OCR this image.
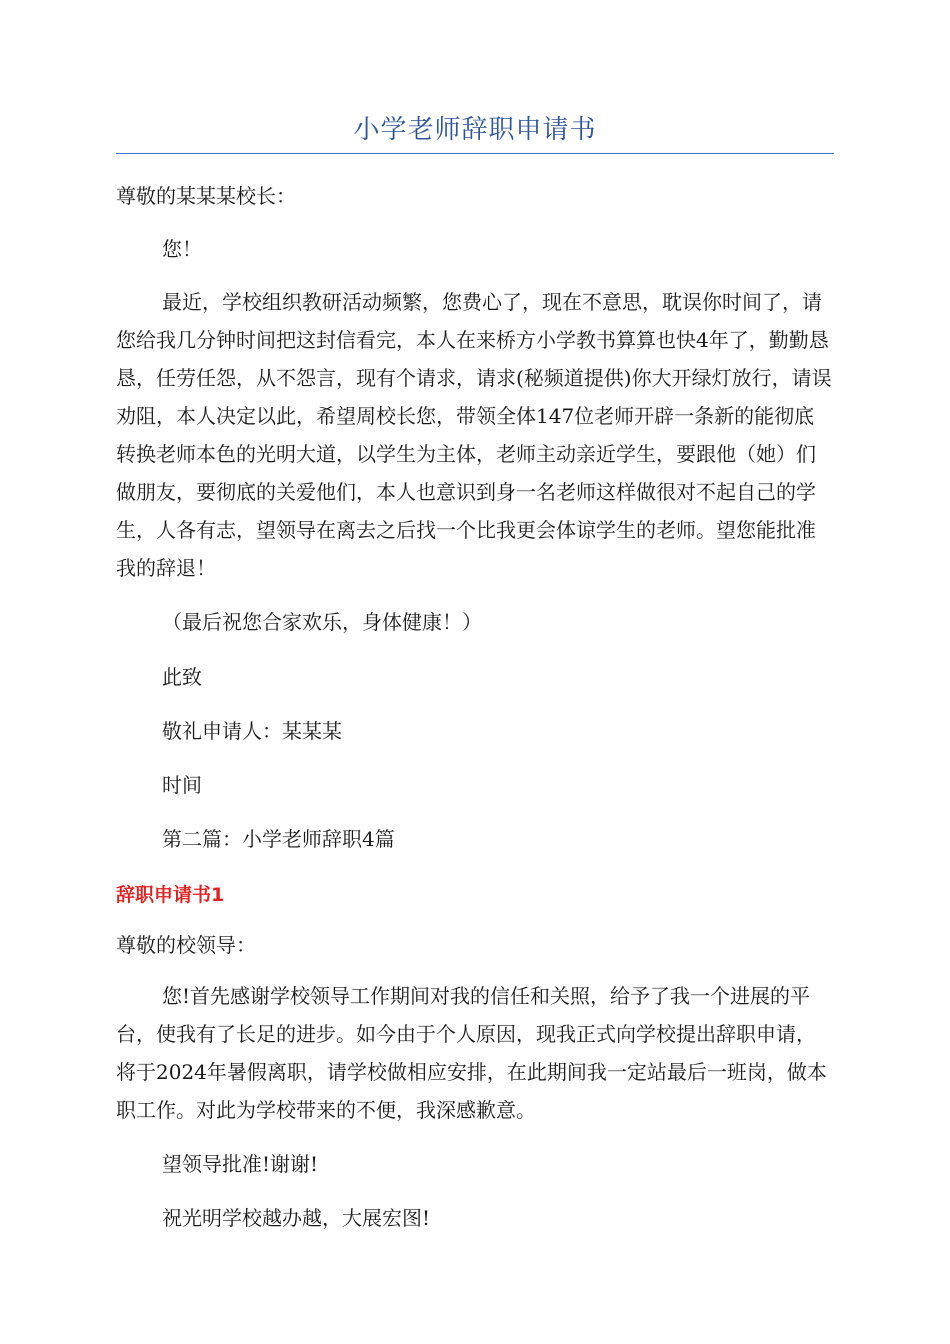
小学老师辞职申请书

尊敬的某某某校长：

您！

最近，学校组织教研活动频繁，您费心了，现在不意思，耽误你时间了，请您给我几分钟时间把这封信看完，本人在来桥方小学教书算算也快4年了，勤勤恳恳，任劳任怨，从不怨言，现有个请求，请求(秘频道提供)你大开绿灯放行，请误劝阻，本人决定以此，希望周校长您，带领全体147位老师开辟一条新的能彻底转换老师本色的光明大道，以学生为主体，老师主动亲近学生，要跟他（她）们做朋友，要彻底的关爱他们，本人也意识到身一名老师这样做很对不起自己的学生，人各有志，望领导在离去之后找一个比我更会体谅学生的老师。望您能批准我的辞退！

（最后祝您合家欢乐，身体健康！）

此致

敬礼申请人：某某某

时间

第二篇：小学老师辞职4篇

辞职申请书1

尊敬的校领导：

您!首先感谢学校领导工作期间对我的信任和关照，给予了我一个进展的平台，使我有了长足的进步。如今由于个人原因，现我正式向学校提出辞职申请，将于2024年暑假离职，请学校做相应安排，在此期间我一定站最后一班岗，做本职工作。对此为学校带来的不便，我深感歉意。

望领导批准!谢谢!

祝光明学校越办越，大展宏图!
